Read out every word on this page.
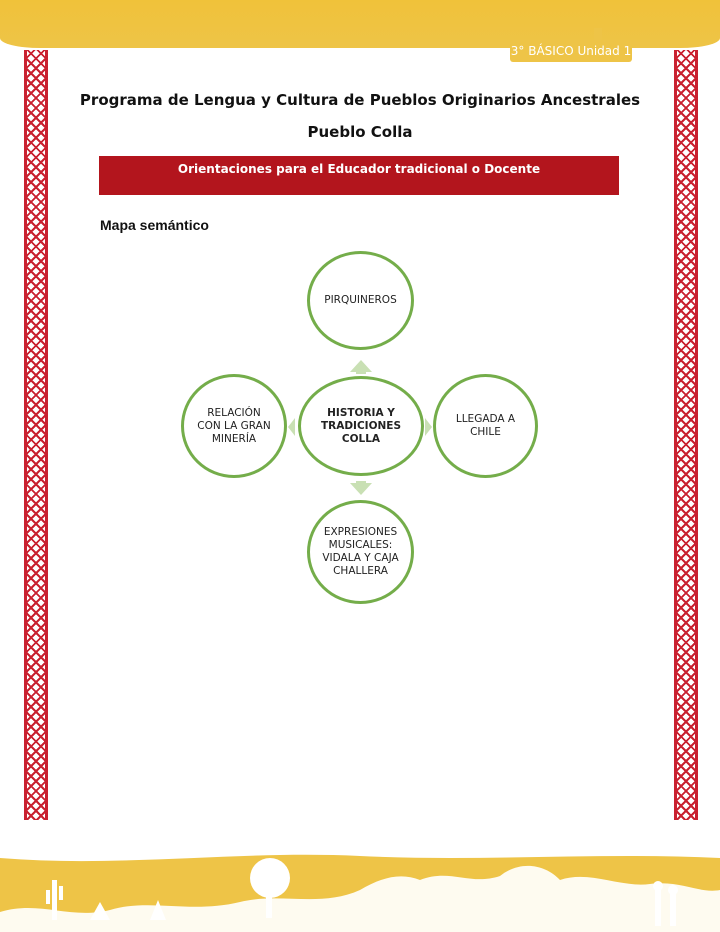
3° BÁSICO Unidad 1
Programa de Lengua y Cultura de Pueblos Originarios Ancestrales
Pueblo Colla
Orientaciones para el Educador tradicional o Docente
Mapa semántico
PIRQUINEROS
HISTORIA Y
TRADICIONES
COLLA
LLEGADA A
CHILE
RELACIÓN
CON LA GRAN
MINERÍA
EXPRESIONES
MUSICALES:
VIDALA Y CAJA
CHALLERA
